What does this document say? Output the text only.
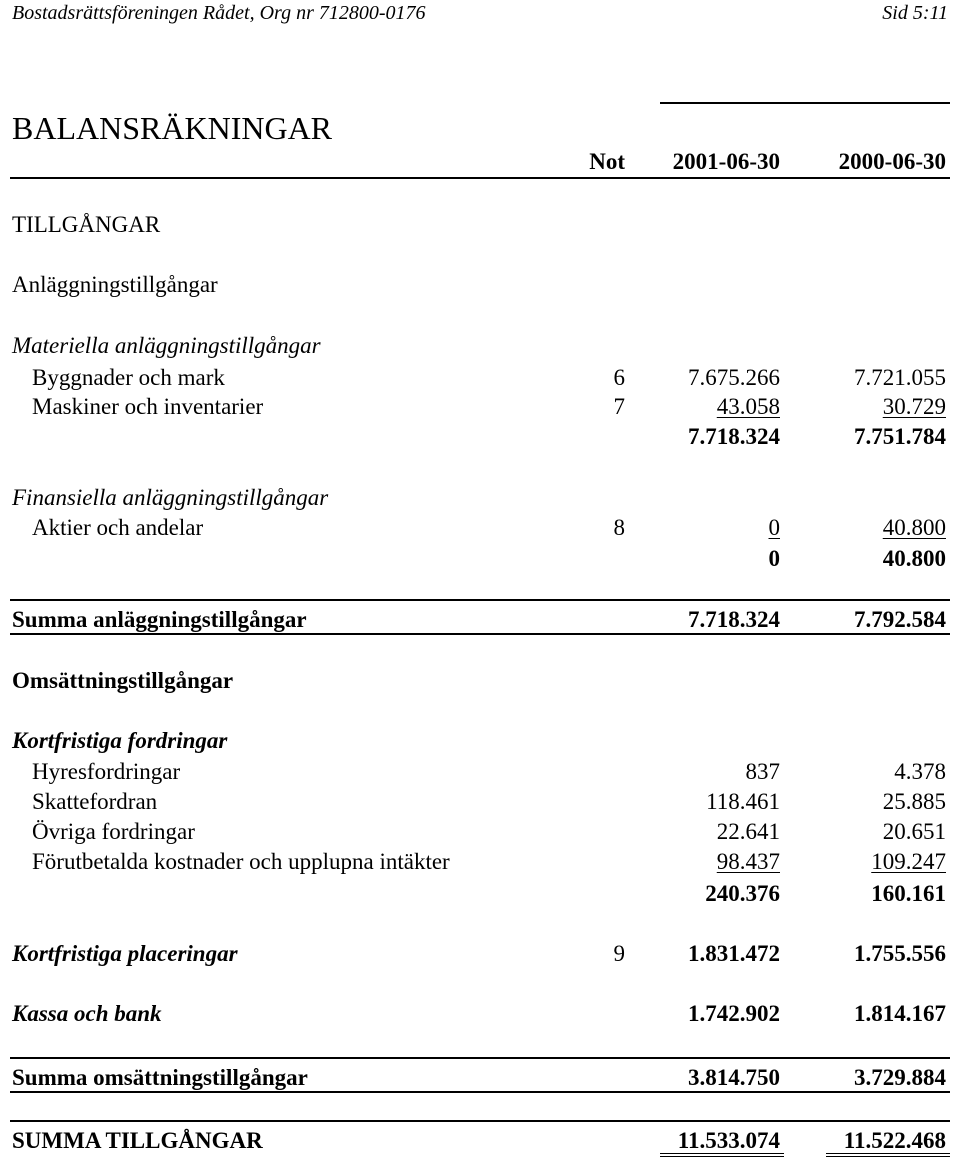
Bostadsrättsföreningen Rådet, Org nr 712800-0176	Sid 5:11
BALANSRÄKNINGAR
Not 2001-06-30	2000-06-30
TILLGÅNGAR
Anläggningstillgångar
Materiella anläggningstillgångar
Byggnader och mark	6	7.675.266	7.721.055
Maskiner och inventarier	7	43.058	30.729
7.718.324	7.751.784
Finansiella anläggningstillgångar
Aktier och andelar	8	0	40.800
0	40.800
Summa anläggningstillgångar	7.718.324	7.792.584
Omsättningstillgångar
Kortfristiga fordringar
Hyresfordringar	837	4.378
Skattefordran	118.461	25.885
Övriga fordringar	22.641	20.651
Förutbetalda kostnader och upplupna intäkter	98.437	109.247
240.376	160.161
Kortfristiga placeringar	9	1.831.472	1.755.556
Kassa och bank	1.742.902	1.814.167
Summa omsättningstillgångar	3.814.750	3.729.884
SUMMA TILLGÅNGAR	11.533.074	11.522.468
